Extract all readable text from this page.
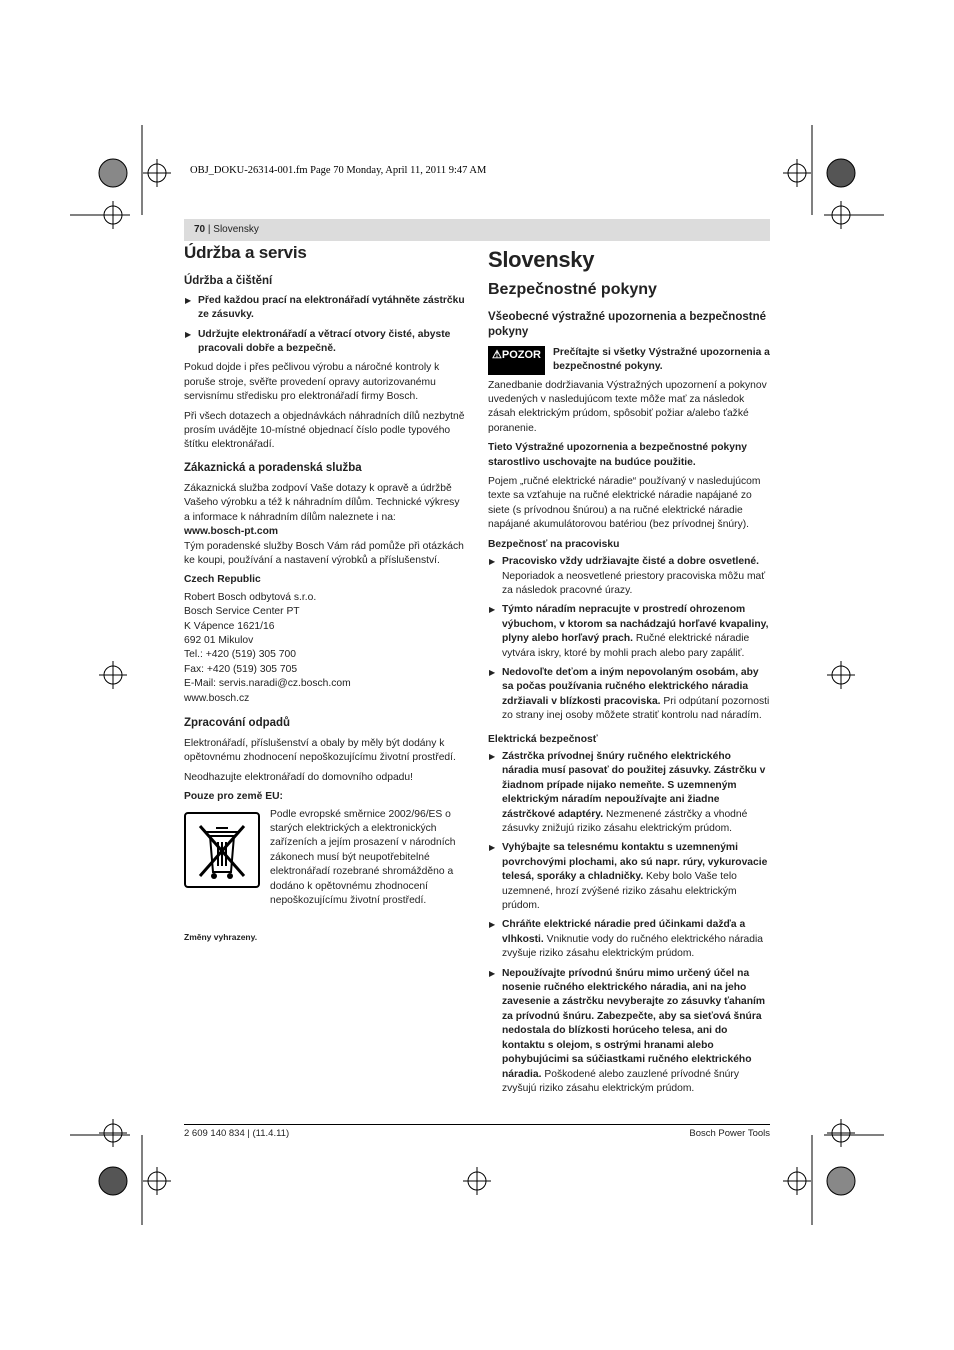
OBJ_DOKU-26314-001.fm Page 70 Monday, April 11, 2011 9:47 AM
70 | Slovensky
Údržba a servis
Údržba a čištění
▶ Před každou prací na elektronářadí vytáhněte zástrčku ze zásuvky.
▶ Udržujte elektronářadí a větrací otvory čisté, abyste pracovali dobře a bezpečně.

Pokud dojde i přes pečlivou výrobu a náročné kontroly k poruše stroje, svěřte provedení opravy autorizovanému servisnímu středisku pro elektronářadí firmy Bosch.

Při všech dotazech a objednávkách náhradních dílů nezbytně prosím uvádějte 10-místné objednací číslo podle typového štítku elektronářadí.

Zákaznická a poradenská služba

Zákaznická služba zodpoví Vaše dotazy k opravě a údržbě Vašeho výrobku a též k náhradním dílům. Technické výkresy a informace k náhradním dílům naleznete i na:

www.bosch-pt.com

Tým poradenské služby Bosch Vám rád pomůže při otázkách ke koupi, používání a nastavení výrobků a příslušenství.

Czech Republic
Robert Bosch odbytová s.r.o.
Bosch Service Center PT
K Vápence 1621/16
692 01 Mikulov
Tel.: +420 (519) 305 700
Fax: +420 (519) 305 705
E-Mail: servis.naradi@cz.bosch.com
www.bosch.cz
Zpracování odpadů

Elektronářadí, příslušenství a obaly by měly být dodány k opětovnému zhodnocení nepoškozujícímu životní prostředí.

Neodhazujte elektronářadí do domovního odpadu!

Pouze pro země EU:
Podle evropské směrnice 2002/96/ES o starých elektrických a elektronických zařízeních a jejím prosazení v národních zákonech musí být neupotřebitelné elektronářadí rozebrané shromážděno a dodáno k opětovnému zhodnocení nepoškozujícímu životní prostředí.
Změny vyhrazeny.
Slovensky
Bezpečnostné pokyny
Všeobecné výstražné upozornenia a bezpečnostné pokyny
⚠POZOR	Prečítajte si všetky Výstražné upozornenia a bezpečnostné pokyny.

Zanedbanie dodržiavania Výstražných upozornení a pokynov uvedených v nasledujúcom texte môže mať za následok zásah elektrickým prúdom, spôsobiť požiar a/alebo ťažké poranenie.

Tieto Výstražné upozornenia a bezpečnostné pokyny starostlivo uschovajte na budúce použitie.

Pojem „ručné elektrické náradie“ používaný v nasledujúcom texte sa vzťahuje na ručné elektrické náradie napájané zo siete (s prívodnou šnúrou) a na ručné elektrické náradie napájané akumulátorovou batériou (bez prívodnej šnúry).

Bezpečnosť na pracovisku
▶ Pracovisko vždy udržiavajte čisté a dobre osvetlené. Neporiadok a neosvetlené priestory pracoviska môžu mať za následok pracovné úrazy.
▶ Týmto náradím nepracujte v prostredí ohrozenom výbuchom, v ktorom sa nachádzajú horľavé kvapaliny, plyny alebo horľavý prach. Ručné elektrické náradie vytvára iskry, ktoré by mohli prach alebo pary zapáliť.
▶ Nedovoľte deťom a iným nepovolaným osobám, aby sa počas používania ručného elektrického náradia zdržiavali v blízkosti pracoviska. Pri odpútaní pozornosti zo strany inej osoby môžete stratiť kontrolu nad náradím.
Elektrická bezpečnosť
▶ Zástrčka prívodnej šnúry ručného elektrického náradia musí pasovať do použitej zásuvky. Zástrčku v žiadnom prípade nijako nemeňte. S uzemneným elektrickým náradím nepoužívajte ani žiadne zástrčkové adaptéry. Nezmenené zástrčky a vhodné zásuvky znižujú riziko zásahu elektrickým prúdom.
▶ Vyhýbajte sa telesnému kontaktu s uzemnenými povrchovými plochami, ako sú napr. rúry, vykurovacie telesá, sporáky a chladničky. Keby bolo Vaše telo uzemnené, hrozí zvýšené riziko zásahu elektrickým prúdom.
▶ Chráňte elektrické náradie pred účinkami dažďa a vlhkosti. Vniknutie vody do ručného elektrického náradia zvyšuje riziko zásahu elektrickým prúdom.
▶ Nepoužívajte prívodnú šnúru mimo určený účel na nosenie ručného elektrického náradia, ani na jeho zavesenie a zástrčku nevyberajte zo zásuvky ťahaním za prívodnú šnúru. Zabezpečte, aby sa sieťová šnúra nedostala do blízkosti horúceho telesa, ani do kontaktu s olejom, s ostrými hranami alebo pohybujúcimi sa súčiastkami ručného elektrického náradia. Poškodené alebo zauzlené prívodné šnúry zvyšujú riziko zásahu elektrickým prúdom.
2 609 140 834 | (11.4.11)	Bosch Power Tools
